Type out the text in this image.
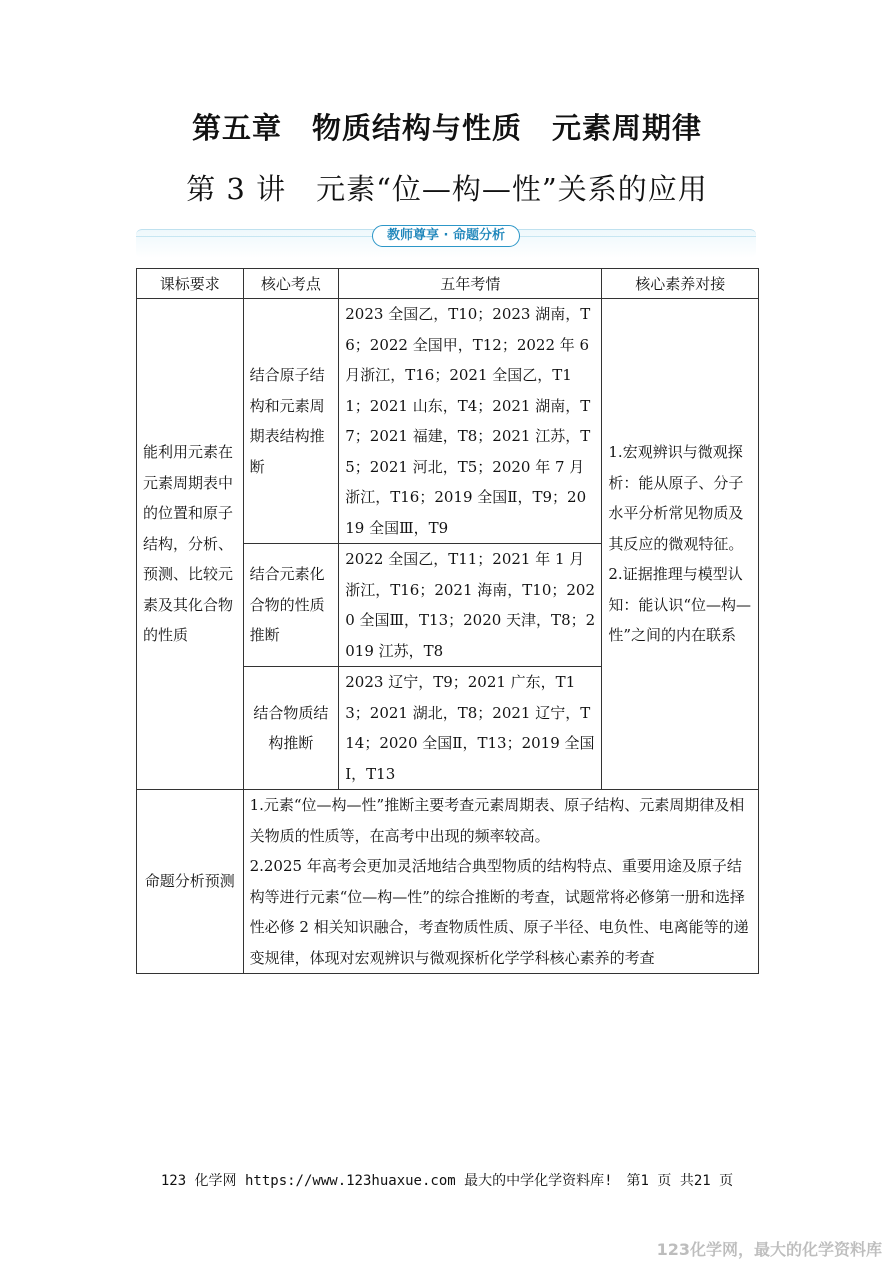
第五章　物质结构与性质　元素周期律
第 3 讲　元素“位—构—性”关系的应用
教师尊享 · 命题分析
课标要求	核心考点	五年考情	核心素养对接
能利用元素在元素周期表中的位置和原子结构，分析、预测、比较元素及其化合物的性质	结合原子结构和元素周期表结构推断	2023 全国乙，T10；2023 湖南，T6；2022 全国甲，T12；2022 年 6 月浙江，T16；2021 全国乙，T11；2021 山东，T4；2021 湖南，T7；2021 福建，T8；2021 江苏，T5；2021 河北，T5；2020 年 7 月浙江，T16；2019 全国Ⅱ，T9；2019 全国Ⅲ，T9	1.宏观辨识与微观探析：能从原子、分子水平分析常见物质及其反应的微观特征。
2.证据推理与模型认知：能认识“位—构—性”之间的内在联系

	结合元素化合物的性质推断	2022 全国乙，T11；2021 年 1 月浙江，T16；2021 海南，T10；2020 全国Ⅲ，T13；2020 天津，T8；2019 江苏，T8	
	结合物质结构推断	2023 辽宁，T9；2021 广东，T13；2021 湖北，T8；2021 辽宁，T14；2020 全国Ⅱ，T13；2019 全国Ⅰ，T13	
命题分析预测	1.元素“位—构—性”推断主要考查元素周期表、原子结构、元素周期律及相关物质的性质等，在高考中出现的频率较高。
2.2025 年高考会更加灵活地结合典型物质的结构特点、重要用途及原子结构等进行元素“位—构—性”的综合推断的考查，试题常将必修第一册和选择性必修 2 相关知识融合，考查物质性质、原子半径、电负性、电离能等的递变规律，体现对宏观辨识与微观探析化学学科核心素养的考查		
123 化学网 https://www.123huaxue.com 最大的中学化学资料库!　第1 页 共21 页
123化学网，最大的化学资料库
